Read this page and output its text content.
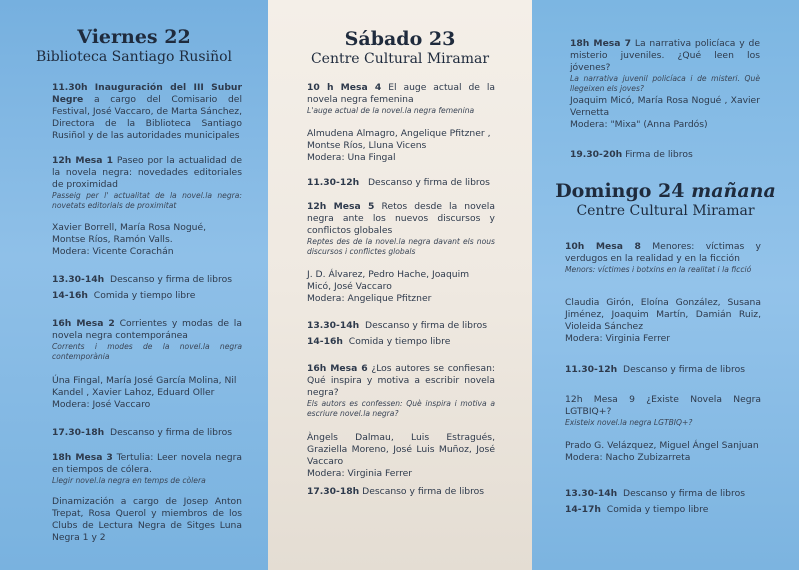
Viernes 22
Biblioteca Santiago Rusiñol
11.30h Inauguración del III Subur Negre a cargo del Comisario del Festival, José Vaccaro, de Marta Sánchez, Directora de la Biblioteca Santiago Rusiñol y de las autoridades municipales
12h Mesa 1 Paseo por la actualidad de la novela negra: novedades editoriales de proximidad
Passeig per l' actualitat de la novel.la negra: novetats editorials de proximitat
Xavier Borrell, María Rosa Nogué, Montse Ríos, Ramón Valls.
Modera: Vicente Corachán
13.30-14h Descanso y firma de libros
14-16h Comida y tiempo libre
16h Mesa 2 Corrientes y modas de la novela negra contemporánea
Corrents i modes de la novel.la negra contemporània
Úna Fingal, María José García Molina, Nil Kandel , Xavier Lahoz, Eduard Oller
Modera: José Vaccaro
17.30-18h Descanso y firma de libros
18h Mesa 3 Tertulia: Leer novela negra en tiempos de cólera.
Llegir novel.la negra en temps de còlera
Dinamización a cargo de Josep Anton Trepat, Rosa Querol y miembros de los Clubs de Lectura Negra de Sitges Luna Negra 1 y 2
Sábado 23
Centre Cultural Miramar
10 h Mesa 4 El auge actual de la novela negra femenina
L'auge actual de la novel.la negra femenina
Almudena Almagro, Angelique Pfitzner , Montse Ríos, Lluna Vicens
Modera: Una Fingal
11.30-12h Descanso y firma de libros
12h Mesa 5 Retos desde la novela negra ante los nuevos discursos y conflictos globales
Reptes des de la novel.la negra davant els nous discursos i conflictes globals
J. D. Álvarez, Pedro Hache, Joaquim Micó, José Vaccaro
Modera: Angelique Pfitzner
13.30-14h Descanso y firma de libros
14-16h Comida y tiempo libre
16h Mesa 6 ¿Los autores se confiesan: Qué inspira y motiva a escribir novela negra?
Els autors es confessen: Què inspira i motiva a escriure novel.la negra?
Àngels Dalmau, Luis Estragués, Graziella Moreno, José Luis Muñoz, José Vaccaro
Modera: Virginia Ferrer
17.30-18h Descanso y firma de libros
18h Mesa 7 La narrativa policíaca y de misterio juveniles. ¿Qué leen los jóvenes?
La narrativa juvenil policíaca i de misteri. Què llegeixen els joves?
Joaquim Micó, María Rosa Nogué , Xavier Vernetta
Modera: "Mixa" (Anna Pardós)
19.30-20h Firma de libros
Domingo 24 mañana
Centre Cultural Miramar
10h Mesa 8 Menores: víctimas y verdugos en la realidad y en la ficción
Menors: víctimes i botxins en la realitat i la ficció
Claudia Girón, Eloína González, Susana Jiménez, Joaquim Martín, Damián Ruiz, Violeida Sánchez
Modera: Virginia Ferrer
11.30-12h Descanso y firma de libros
12h Mesa 9 ¿Existe Novela Negra LGTBIQ+?
Existeix novel.la negra LGTBIQ+?
Prado G. Velázquez, Miguel Ángel Sanjuan
Modera: Nacho Zubizarreta
13.30-14h Descanso y firma de libros
14-17h Comida y tiempo libre
